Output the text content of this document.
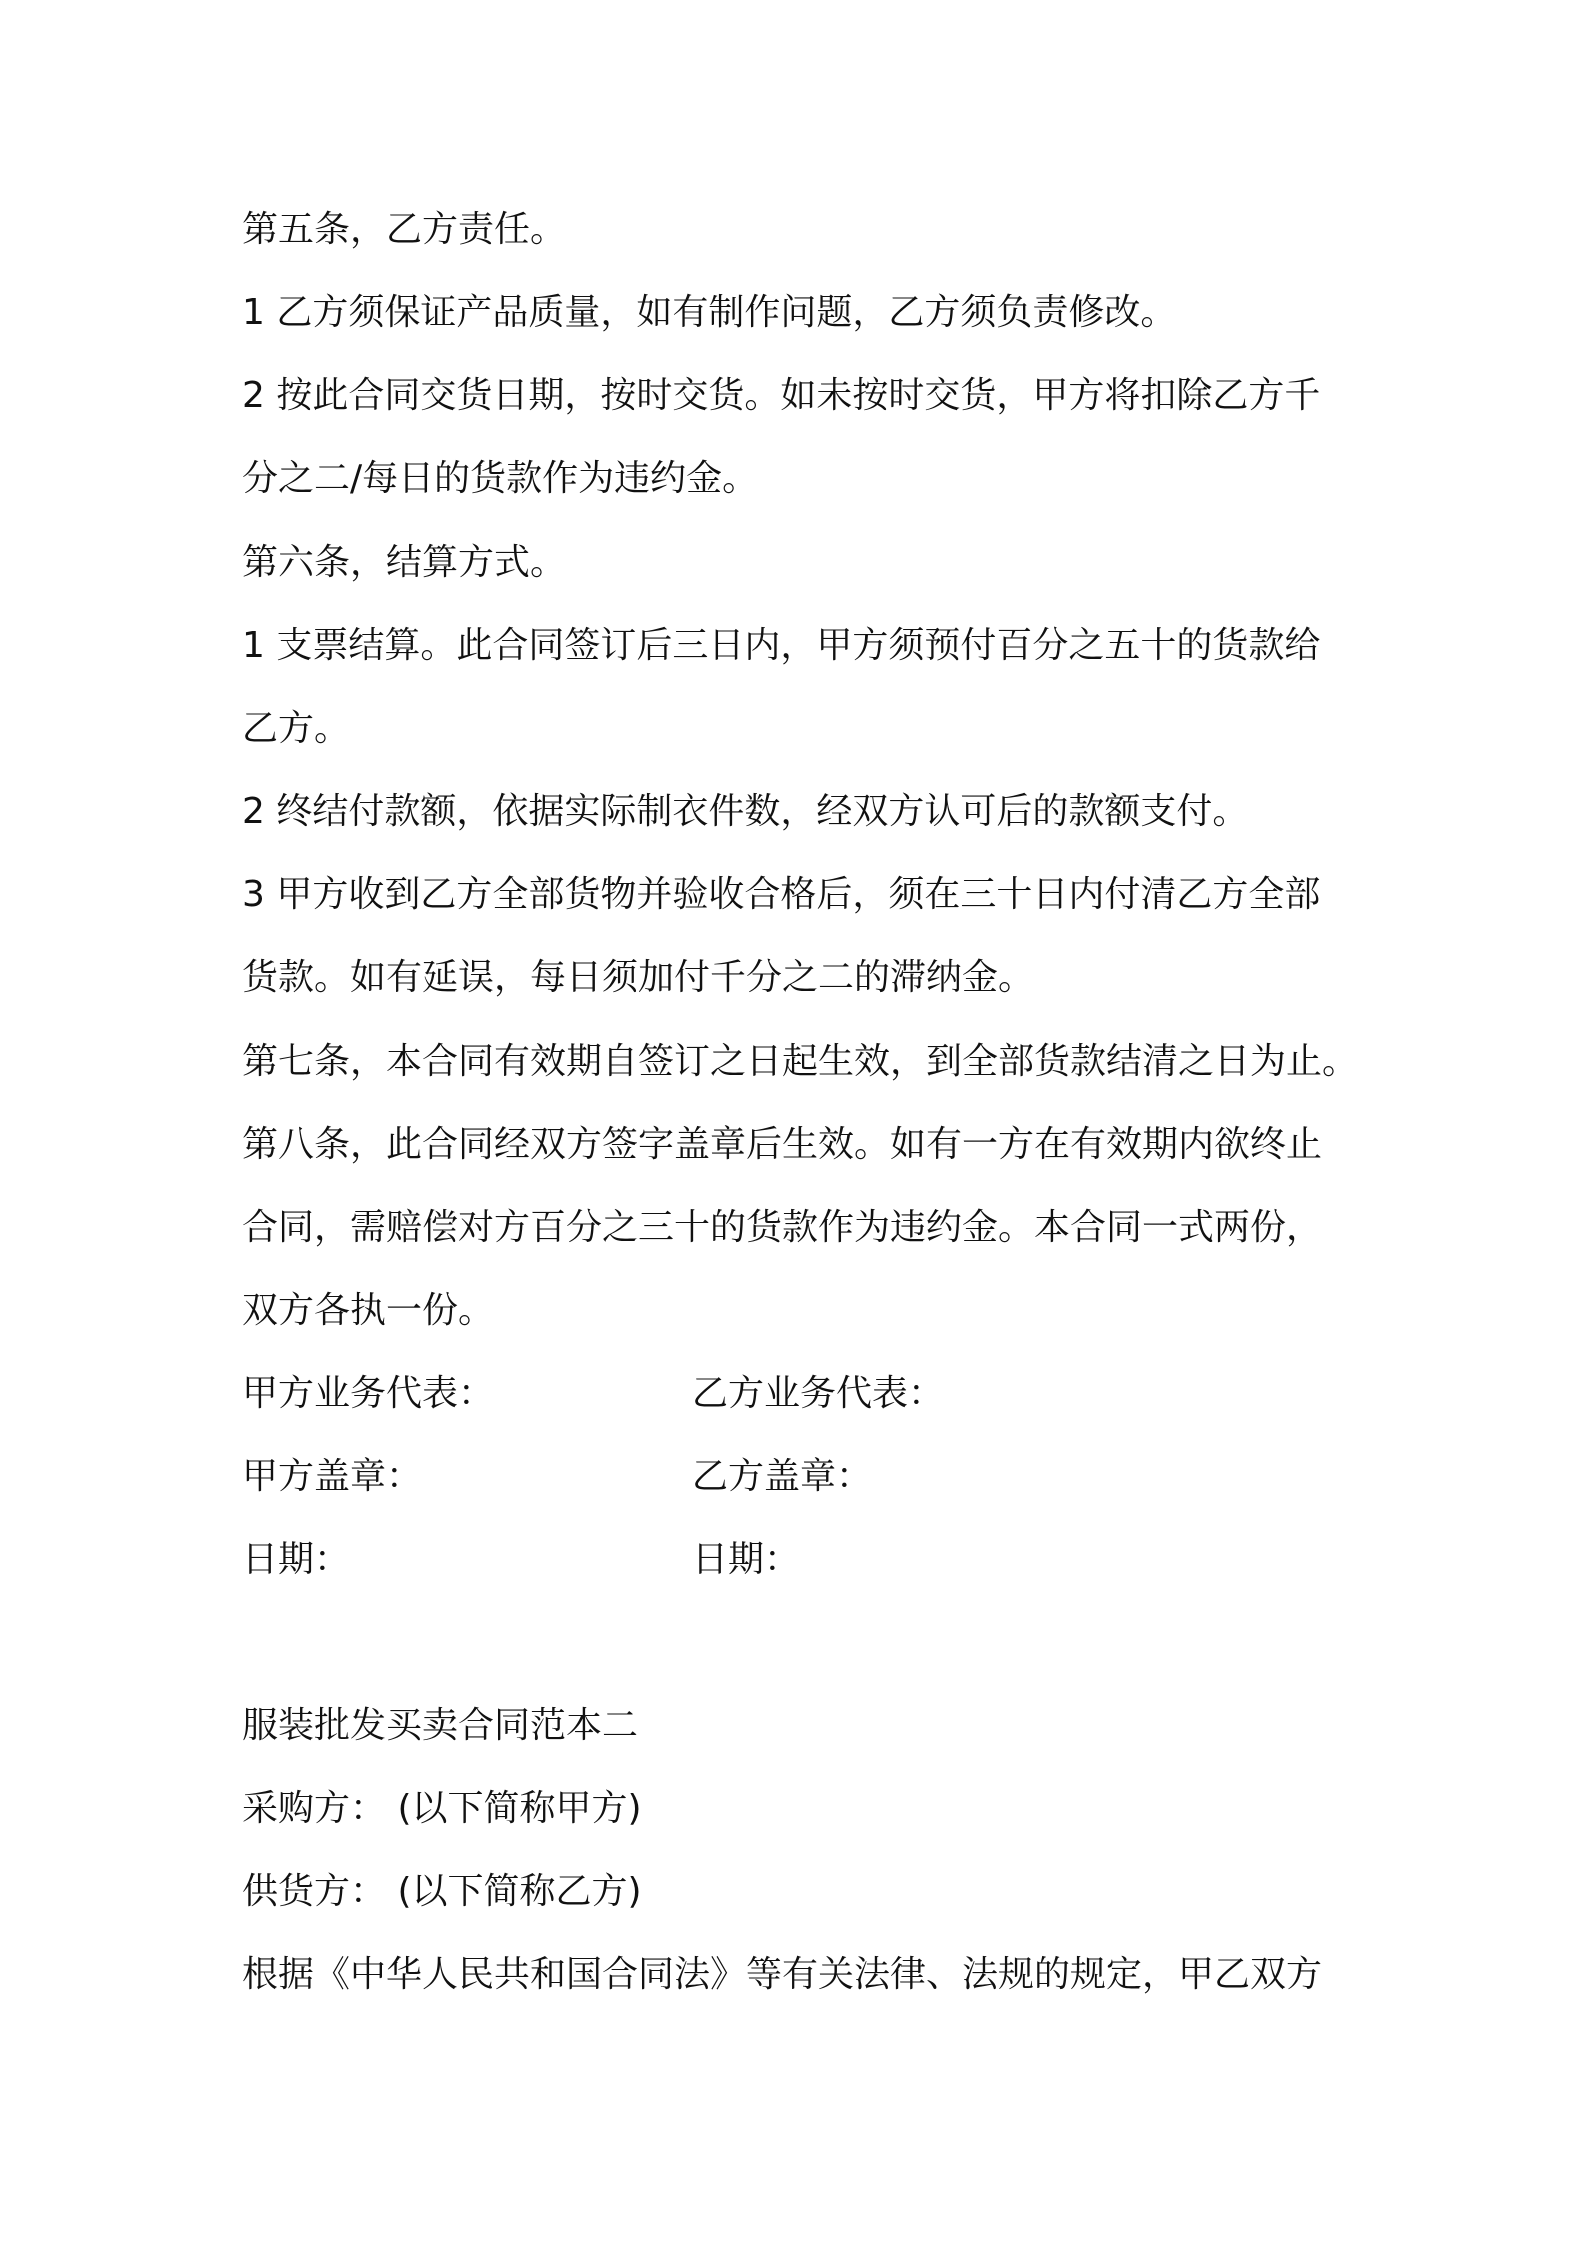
第五条，乙方责任。
1 乙方须保证产品质量，如有制作问题，乙方须负责修改。
2 按此合同交货日期，按时交货。如未按时交货，甲方将扣除乙方千
分之二/每日的货款作为违约金。
第六条，结算方式。
1 支票结算。此合同签订后三日内，甲方须预付百分之五十的货款给
乙方。
2 终结付款额，依据实际制衣件数，经双方认可后的款额支付。
3 甲方收到乙方全部货物并验收合格后，须在三十日内付清乙方全部
货款。如有延误，每日须加付千分之二的滞纳金。
第七条，本合同有效期自签订之日起生效，到全部货款结清之日为止。
第八条，此合同经双方签字盖章后生效。如有一方在有效期内欲终止
合同，需赔偿对方百分之三十的货款作为违约金。本合同一式两份，
双方各执一份。
甲方业务代表：	乙方业务代表：
甲方盖章：	乙方盖章：
日期：	日期：
服装批发买卖合同范本二
采购方： (以下简称甲方)
供货方： (以下简称乙方)
根据《中华人民共和国合同法》等有关法律、法规的规定，甲乙双方
